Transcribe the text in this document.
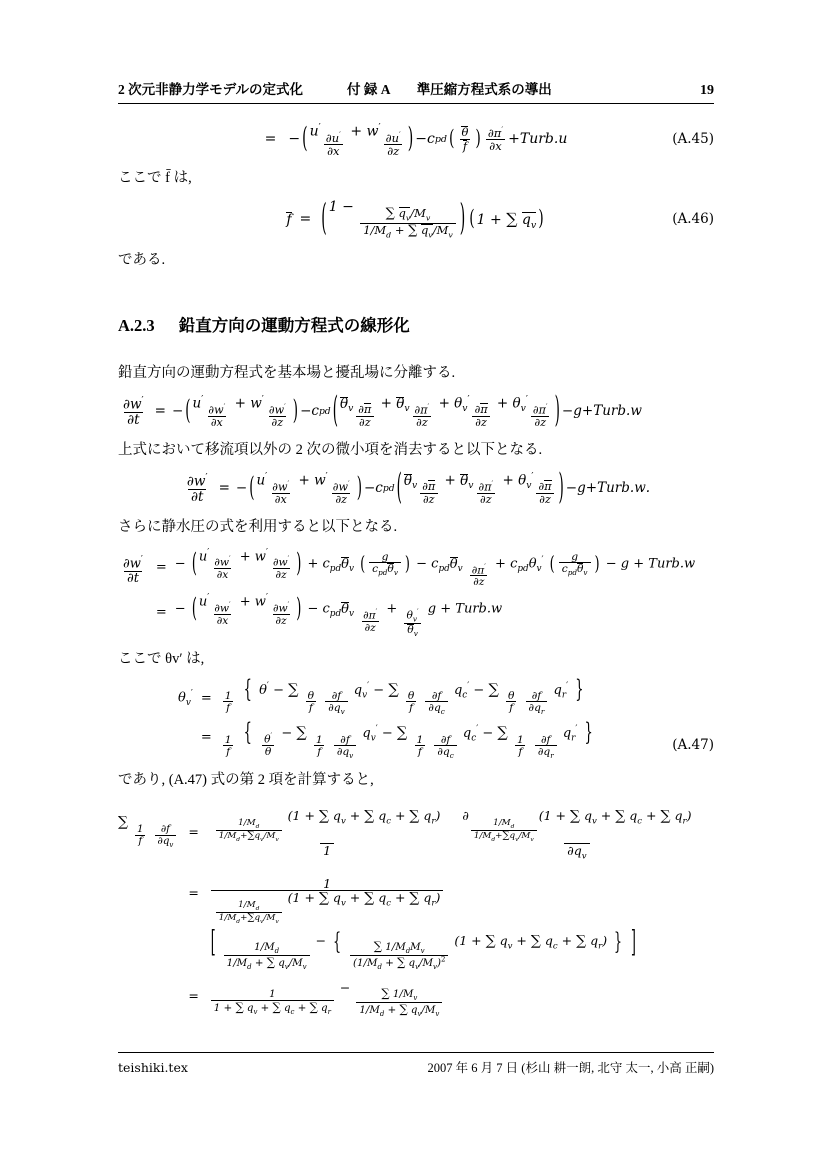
2 次元非静力学モデルの定式化	付 録 A　　準圧縮方程式系の導出	19
= − ( u′
$\frac{\partial u'}{\partial x} + w'$
$\frac{\partial u'}{\partial z}$ ) − c pd ( $\frac{\theta}{f}$ ) $\frac{\partial\pi'}{\partial x} + T$ u r b . u	(A.45)
ここで f̄ は,
f = ( $1 - \frac{\sum q_v/M_v}{1/M_d + \sum q_v/M_v}$ ) ( 1 + ∑ $q_v$ )	(A.46)
である.
A.2.3 鉛直方向の運動方程式の線形化
鉛直方向の運動方程式を基本場と擾乱場に分離する.
$\frac{\partial w'}{\partial t}$ = − ( u′
$\frac{\partial w'}{\partial x} + w'$
$\frac{\partial w'}{\partial z}$ ) − c pd ( $\theta_v \frac{\partial\pi}{\partial z} + \theta_v \frac{\partial\pi'}{\partial z} + \theta_v'$
$\frac{\partial\pi}{\partial z} + \theta_v'$
$\frac{\partial\pi'}{\partial z}$ ) − g + T u r b . w
上式において移流項以外の 2 次の微小項を消去すると以下となる.
$\frac{\partial w'}{\partial t}$ = − ( u′
$\frac{\partial w'}{\partial x} + w'$
$\frac{\partial w'}{\partial z}$ ) − c pd ( $\theta_v \frac{\partial\pi}{\partial z} + \theta_v \frac{\partial\pi'}{\partial z} + \theta_v'$
$\frac{\partial\pi}{\partial z}$ ) − g + T u r b . w .
さらに静水圧の式を利用すると以下となる.
$\frac{\partial w'}{\partial t}$ = − ( u′
$\frac{\partial w'}{\partial x} + w'$
$\frac{\partial w'}{\partial z}$ ) + $c_{pd}\theta_v$ ( $\frac{g}{c_{pd}\theta_v}$ ) − $c_{pd}\theta_v \frac{\partial\pi'}{\partial z} + c_{pd}\theta_v'$ ( $\frac{g}{c_{pd}\theta_v}$ ) − g + Turb.w
= − ( u′
$\frac{\partial w'}{\partial x} + w'$
$\frac{\partial w'}{\partial z}$ ) − $c_{pd}\theta_v \frac{\partial\pi'}{\partial z} + \frac{\theta_v'}{\theta_v}$ g + Turb.w
ここで θv′ は,
$\theta_v' = \frac{1}{f}$ { θ′ − ∑
$\frac{\theta}{f}$
$\frac{\partial f}{\partial q_v}$
$q_v'$ − ∑
$\frac{\theta}{f}$
$\frac{\partial f}{\partial q_c}$
$q_c'$ − ∑
$\frac{\theta}{f}$
$\frac{\partial f}{\partial q_r}$
$q_r'$ }
= $\frac{1}{f}$ { $\frac{\theta'}{\theta}$ − ∑
$\frac{1}{f}$
$\frac{\partial f}{\partial q_v}$
$q_v'$ − ∑
$\frac{1}{f}$
$\frac{\partial f}{\partial q_c}$
$q_c'$ − ∑
$\frac{1}{f}$
$\frac{\partial f}{\partial q_r}$
$q_r'$ }	(A.47)
であり, (A.47) 式の第 2 項を計算すると,
∑
$\frac{1}{f}$
$\frac{\partial f}{\partial q_v} = \frac{1/M_d}{1/M_d+\sum q_v/M_v}$
(1 + ∑ $q_v$ + ∑ $q_c$ + ∑ $q_r$)
1
∂
$\frac{1/M_d}{1/M_d+\sum q_v/M_v}$
(1 + ∑ $q_v$ + ∑ $q_c$ + ∑ $q_r$)
$\partial q_v$
= 1
$\frac{1/M_d}{1/M_d+\sum q_v/M_v}$
(1 + ∑ $q_v$ + ∑ $q_c$ + ∑ $q_r$)
[ $\frac{1/M_d}{1/M_d + \sum q_v/M_v}$
− { $\frac{\sum 1/M_dM_v}{(1/M_d + \sum q_v/M_v)^2} (1$ + ∑ $q_v$ + ∑ $q_c$ + ∑ $q_r$) } ]
= $\frac{1}{1 + \sum q_v + \sum q_c + \sum q_r}$
− $\frac{\sum 1/M_v}{1/M_d + \sum q_v/M_v}$
teishiki.tex	2007 年 6 月 7 日 (杉山 耕一朗, 北守 太一, 小高 正嗣)
